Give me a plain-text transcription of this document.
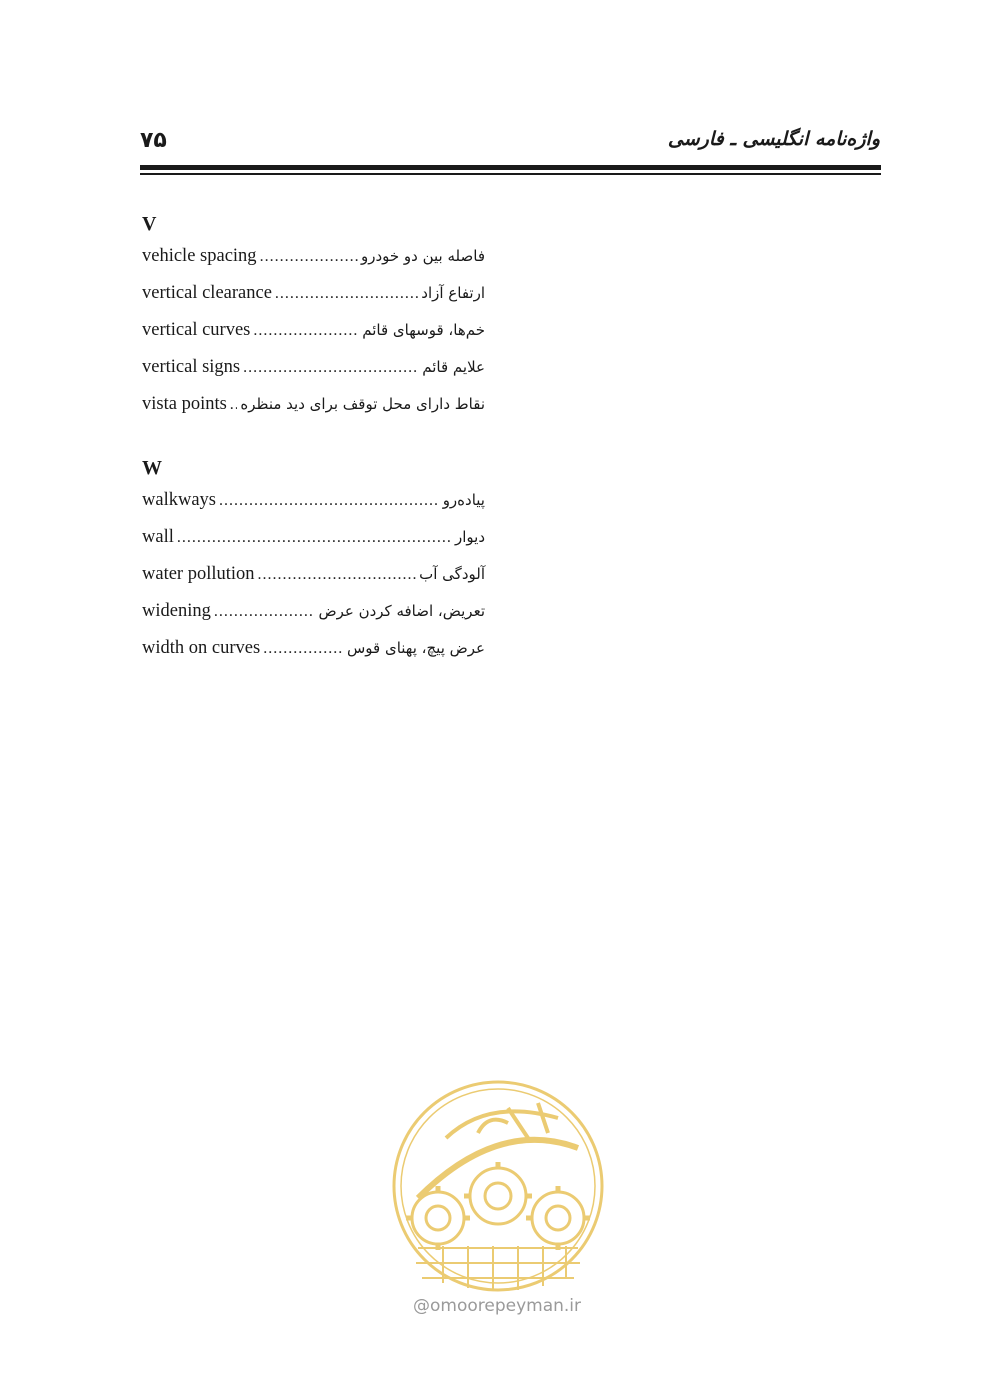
۷۵	واژه‌نامه انگلیسی ـ فارسی
V
vehicle spacing .....	فاصله بین دو خودرو
vertical clearance .....	ارتفاع آزاد
vertical curves .....	خم‌ها، قوسهای قائم
vertical signs .....	علایم قائم
vista points ..... نقاط دارای محل توقف برای دید منظره
W
walkways .....	پیاده‌رو
wall .....	دیوار
water pollution .....	آلودگی آب
widening .....	تعریض، اضافه کردن عرض
width on curves .....	عرض پیچ، پهنای قوس
@omoorepeyman.ir
